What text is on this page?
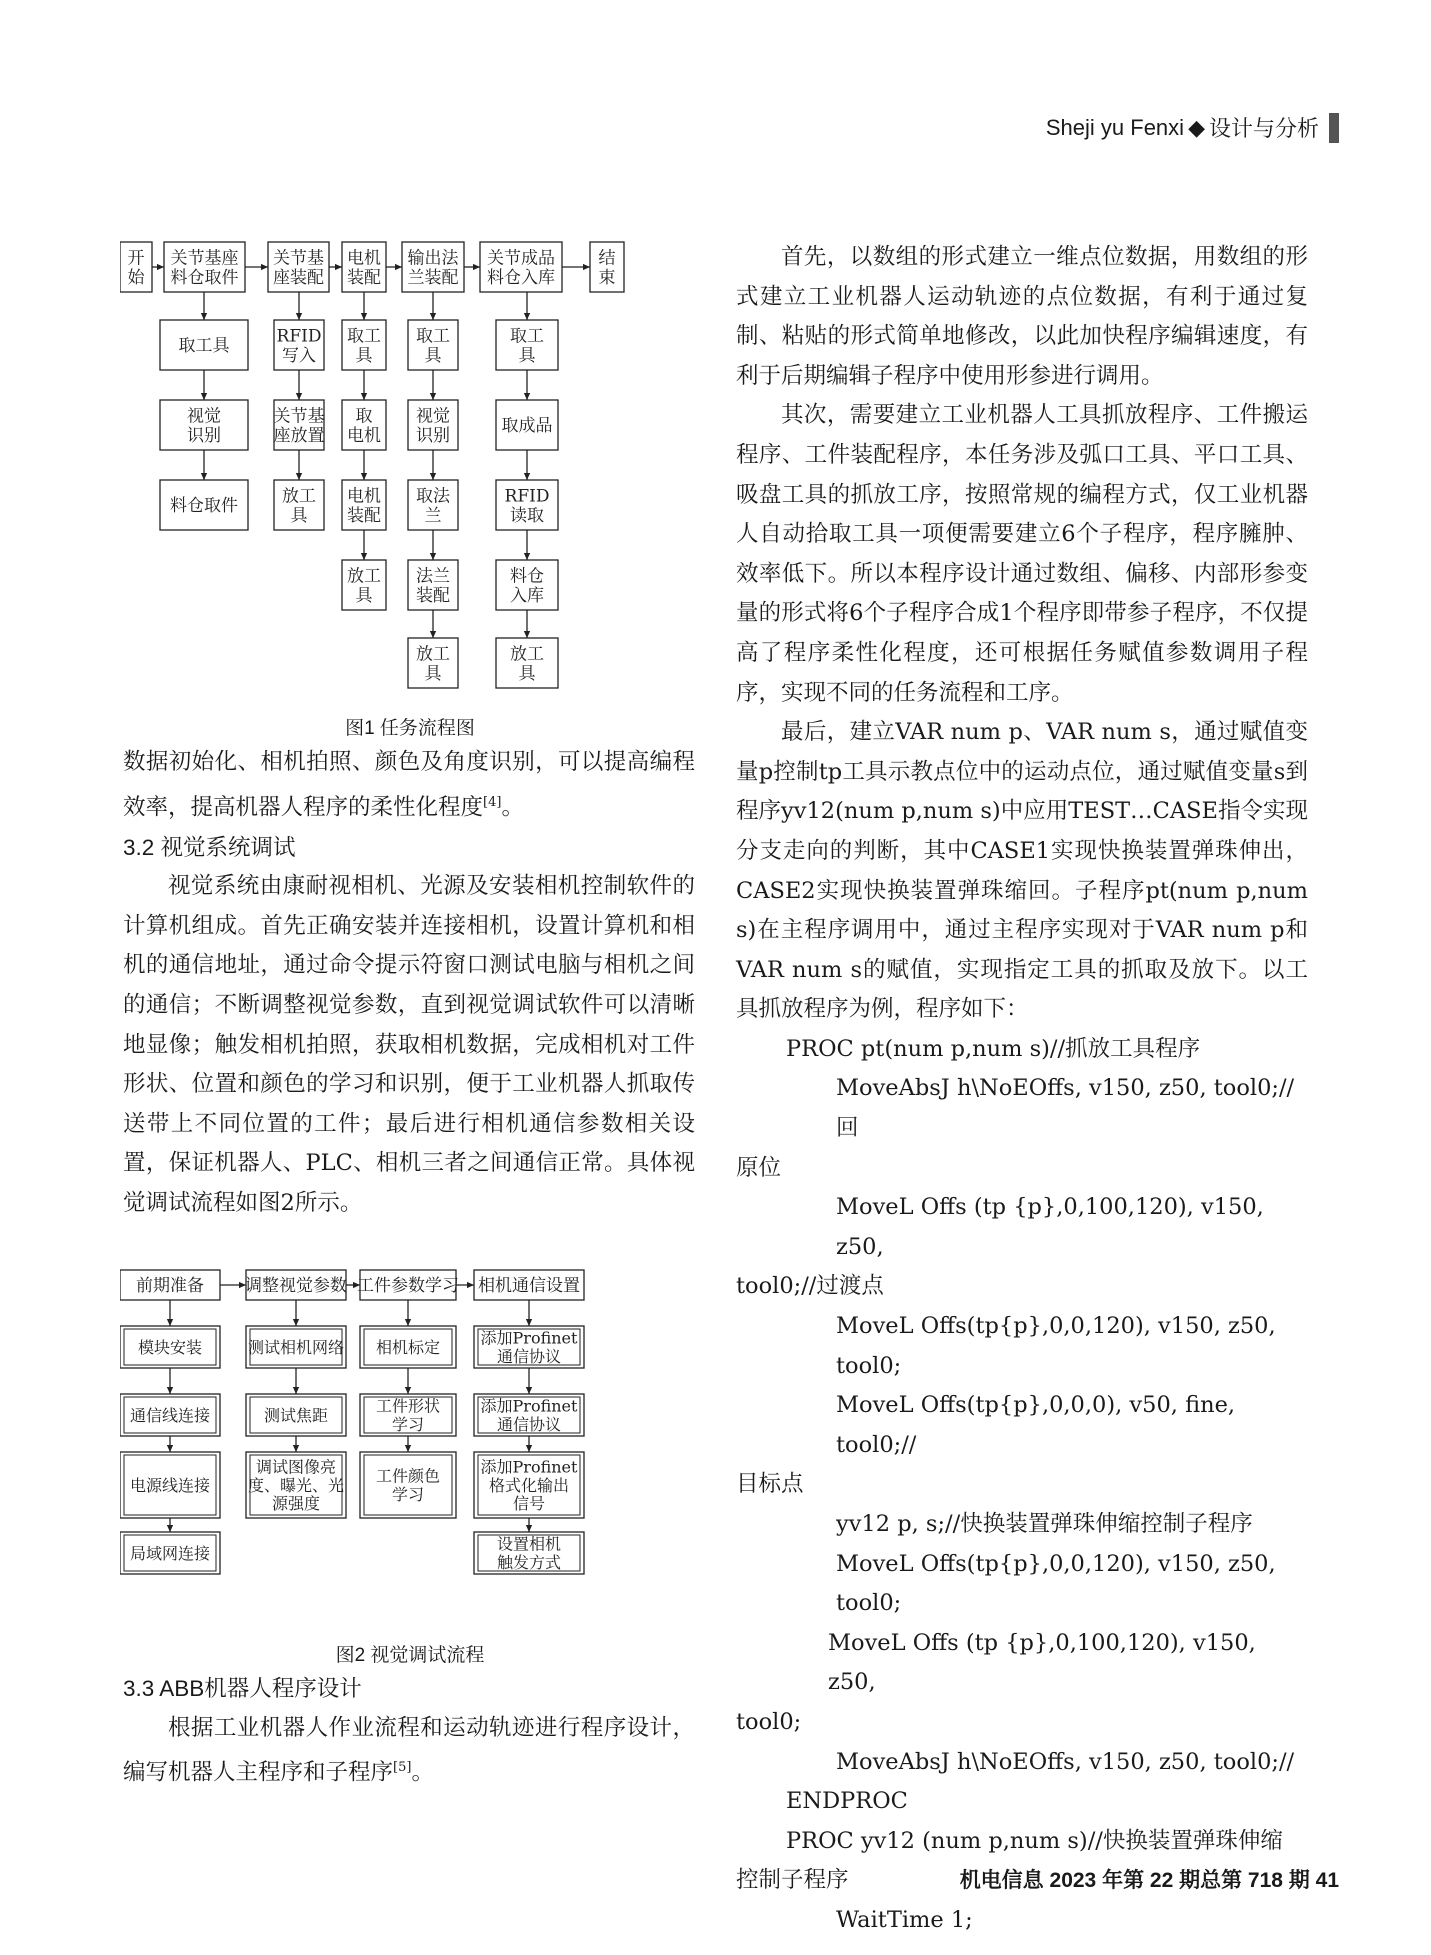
Sheji yu Fenxi ◆ 设计与分析
开
始
关节基座
料仓取件
关节基
座装配
电机
装配
输出法
兰装配
关节成品
料仓入库
结
束
取工具
视觉
识别
料仓取件
RFID
写入
关节基
座放置
放工
具
取工
具
取
电机
电机
装配
放工
具
取工
具
视觉
识别
取法
兰
法兰
装配
放工
具
取工
具
取成品
RFID
读取
料仓
入库
放工
具
图1 任务流程图

数据初始化、相机拍照、颜色及角度识别，可以提高编程效率，提高机器人程序的柔性化程度[4]。

3.2 视觉系统调试

视觉系统由康耐视相机、光源及安装相机控制软件的计算机组成。首先正确安装并连接相机，设置计算机和相机的通信地址，通过命令提示符窗口测试电脑与相机之间的通信；不断调整视觉参数，直到视觉调试软件可以清晰地显像；触发相机拍照，获取相机数据，完成相机对工件形状、位置和颜色的学习和识别，便于工业机器人抓取传送带上不同位置的工件；最后进行相机通信参数相关设置，保证机器人、PLC、相机三者之间通信正常。具体视觉调试流程如图2所示。

前期准备 调整视觉参数 工件参数学习 相机通信设置
模块安装
通信线连接
电源线连接
局域网连接
测试相机网络
测试焦距
调试图像亮
度、曝光、光
源强度
相机标定
工件形状
学习
工件颜色
学习
添加Profinet
通信协议
添加Profinet
通信协议
添加Profinet
格式化输出
信号
设置相机
触发方式
图2 视觉调试流程

3.3 ABB机器人程序设计

根据工业机器人作业流程和运动轨迹进行程序设计，编写机器人主程序和子程序[5]。

首先，以数组的形式建立一维点位数据，用数组的形式建立工业机器人运动轨迹的点位数据，有利于通过复制、粘贴的形式简单地修改，以此加快程序编辑速度，有利于后期编辑子程序中使用形参进行调用。

其次，需要建立工业机器人工具抓放程序、工件搬运程序、工件装配程序，本任务涉及弧口工具、平口工具、吸盘工具的抓放工序，按照常规的编程方式，仅工业机器人自动拾取工具一项便需要建立6个子程序，程序臃肿、效率低下。所以本程序设计通过数组、偏移、内部形参变量的形式将6个子程序合成1个程序即带参子程序，不仅提高了程序柔性化程度，还可根据任务赋值参数调用子程序，实现不同的任务流程和工序。

最后，建立VAR num p、VAR num s，通过赋值变量p控制tp工具示教点位中的运动点位，通过赋值变量s到程序yv12(num p,num s)中应用TEST…CASE指令实现分支走向的判断，其中CASE1实现快换装置弹珠伸出，CASE2实现快换装置弹珠缩回。子程序pt(num p,num s)在主程序调用中，通过主程序实现对于VAR num p和VAR num s的赋值，实现指定工具的抓取及放下。以工具抓放程序为例，程序如下：

PROC pt(num p,num s)//抓放工具程序

MoveAbsJ h\NoEOffs, v150, z50, tool0;//回

原位

MoveL Offs (tp {p},0,100,120), v150, z50,

tool0;//过渡点

MoveL Offs(tp{p},0,0,120), v150, z50, tool0;

MoveL Offs(tp{p},0,0,0), v50, fine, tool0;//

目标点

yv12 p, s;//快换装置弹珠伸缩控制子程序

MoveL Offs(tp{p},0,0,120), v150, z50, tool0;

MoveL Offs (tp {p},0,100,120), v150, z50,

tool0;

MoveAbsJ h\NoEOffs, v150, z50, tool0;//

ENDPROC

PROC yv12 (num p,num s)//快换装置弹珠伸缩

控制子程序

WaitTime 1;

机电信息 2023 年第 22 期总第 718 期 41
